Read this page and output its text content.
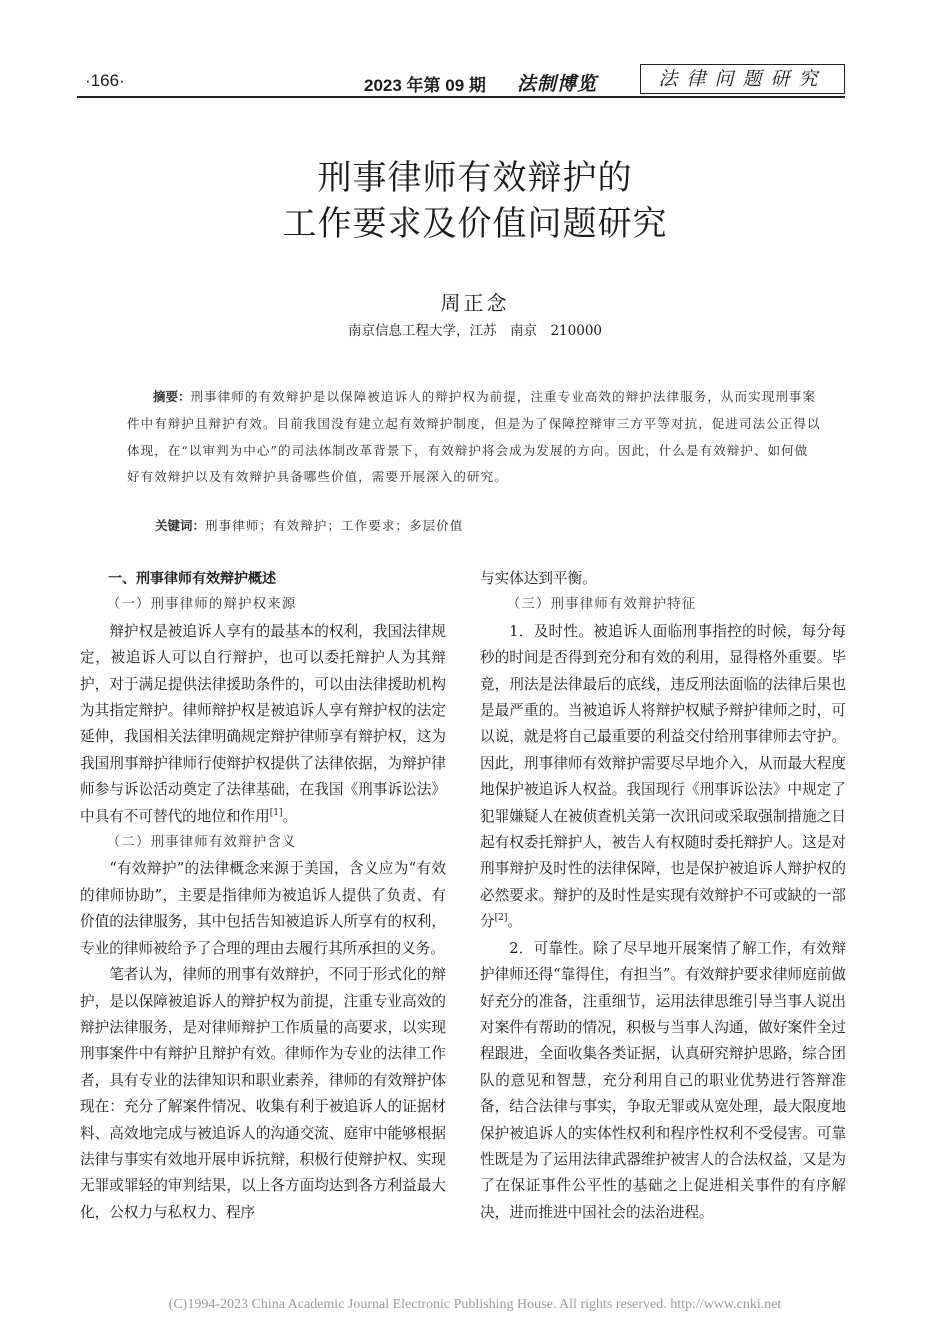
·166·	2023 年第 09 期 法制博览	法律问题研究
刑事律师有效辩护的
工作要求及价值问题研究
周正念
南京信息工程大学，江苏　南京　210000

摘要：刑事律师的有效辩护是以保障被追诉人的辩护权为前提，注重专业高效的辩护法律服务，从而实现刑事案件中有辩护且辩护有效。目前我国没有建立起有效辩护制度，但是为了保障控辩审三方平等对抗，促进司法公正得以体现，在“以审判为中心”的司法体制改革背景下，有效辩护将会成为发展的方向。因此，什么是有效辩护、如何做好有效辩护以及有效辩护具备哪些价值，需要开展深入的研究。

关键词：刑事律师；有效辩护；工作要求；多层价值
一、刑事律师有效辩护概述
（一）刑事律师的辩护权来源

辩护权是被追诉人享有的最基本的权利，我国法律规定，被追诉人可以自行辩护，也可以委托辩护人为其辩护，对于满足提供法律援助条件的，可以由法律援助机构为其指定辩护。律师辩护权是被追诉人享有辩护权的法定延伸，我国相关法律明确规定辩护律师享有辩护权，这为我国刑事辩护律师行使辩护权提供了法律依据，为辩护律师参与诉讼活动奠定了法律基础，在我国《刑事诉讼法》中具有不可替代的地位和作用[1]。

（二）刑事律师有效辩护含义

“有效辩护”的法律概念来源于美国，含义应为“有效的律师协助”，主要是指律师为被追诉人提供了负责、有价值的法律服务，其中包括告知被追诉人所享有的权利，专业的律师被给予了合理的理由去履行其所承担的义务。

笔者认为，律师的刑事有效辩护，不同于形式化的辩护，是以保障被追诉人的辩护权为前提，注重专业高效的辩护法律服务，是对律师辩护工作质量的高要求，以实现刑事案件中有辩护且辩护有效。律师作为专业的法律工作者，具有专业的法律知识和职业素养，律师的有效辩护体现在：充分了解案件情况、收集有利于被追诉人的证据材料、高效地完成与被追诉人的沟通交流、庭审中能够根据法律与事实有效地开展申诉抗辩，积极行使辩护权、实现无罪或罪轻的审判结果，以上各方面均达到各方利益最大化，公权力与私权力、程序

与实体达到平衡。

（三）刑事律师有效辩护特征

1．及时性。被追诉人面临刑事指控的时候，每分每秒的时间是否得到充分和有效的利用，显得格外重要。毕竟，刑法是法律最后的底线，违反刑法面临的法律后果也是最严重的。当被追诉人将辩护权赋予辩护律师之时，可以说，就是将自己最重要的利益交付给刑事律师去守护。因此，刑事律师有效辩护需要尽早地介入，从而最大程度地保护被追诉人权益。我国现行《刑事诉讼法》中规定了犯罪嫌疑人在被侦查机关第一次讯问或采取强制措施之日起有权委托辩护人，被告人有权随时委托辩护人。这是对刑事辩护及时性的法律保障，也是保护被追诉人辩护权的必然要求。辩护的及时性是实现有效辩护不可或缺的一部分[2]。

2．可靠性。除了尽早地开展案情了解工作，有效辩护律师还得“靠得住，有担当”。有效辩护要求律师庭前做好充分的准备，注重细节，运用法律思维引导当事人说出对案件有帮助的情况，积极与当事人沟通，做好案件全过程跟进，全面收集各类证据，认真研究辩护思路，综合团队的意见和智慧，充分利用自己的职业优势进行答辩准备，结合法律与事实，争取无罪或从宽处理，最大限度地保护被追诉人的实体性权利和程序性权利不受侵害。可靠性既是为了运用法律武器维护被害人的合法权益，又是为了在保证事件公平性的基础之上促进相关事件的有序解决，进而推进中国社会的法治进程。

(C)1994-2023 China Academic Journal Electronic Publishing House. All rights reserved. http://www.cnki.net
